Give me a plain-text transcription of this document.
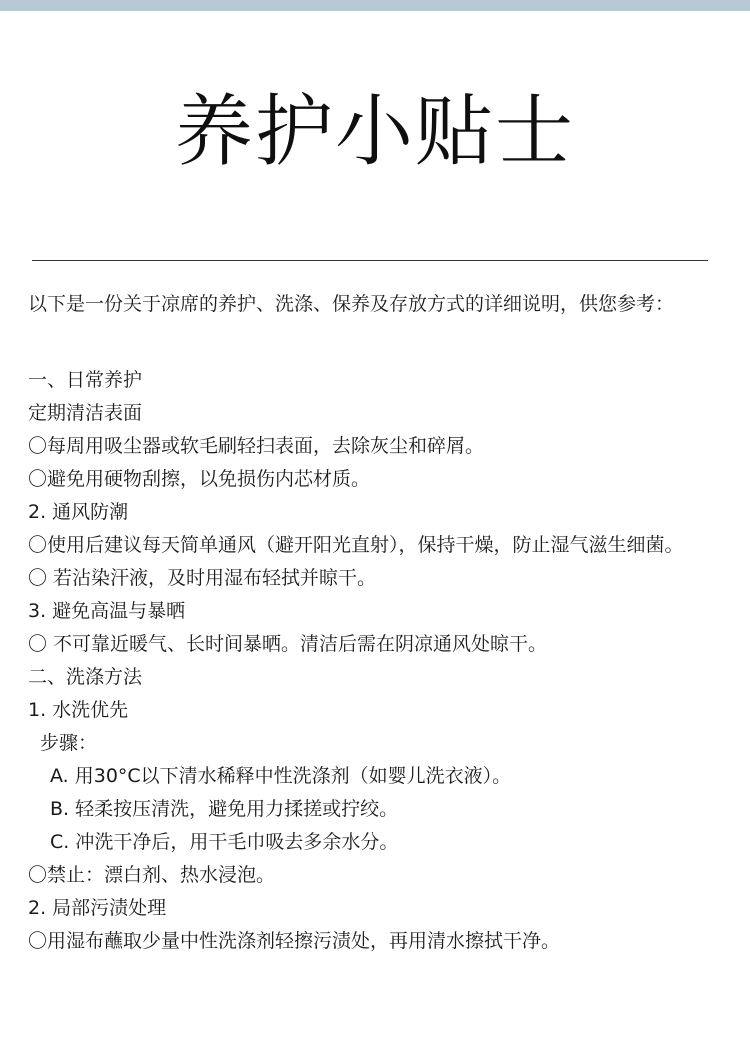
养护小贴士

以下是一份关于凉席的养护、洗涤、保养及存放方式的详细说明，供您参考：

一、日常养护

定期清洁表面

〇每周用吸尘器或软毛刷轻扫表面，去除灰尘和碎屑。

〇避免用硬物刮擦，以免损伤内芯材质。

2. 通风防潮

〇使用后建议每天简单通风（避开阳光直射），保持干燥，防止湿气滋生细菌。

〇 若沾染汗液，及时用湿布轻拭并晾干。

3. 避免高温与暴晒

〇 不可靠近暖气、长时间暴晒。清洁后需在阴凉通风处晾干。

二、洗涤方法

1. 水洗优先

步骤：

A. 用30°C以下清水稀释中性洗涤剂（如婴儿洗衣液）。

B. 轻柔按压清洗，避免用力揉搓或拧绞。

C. 冲洗干净后，用干毛巾吸去多余水分。

〇禁止：漂白剂、热水浸泡。

2. 局部污渍处理

〇用湿布蘸取少量中性洗涤剂轻擦污渍处，再用清水擦拭干净。
